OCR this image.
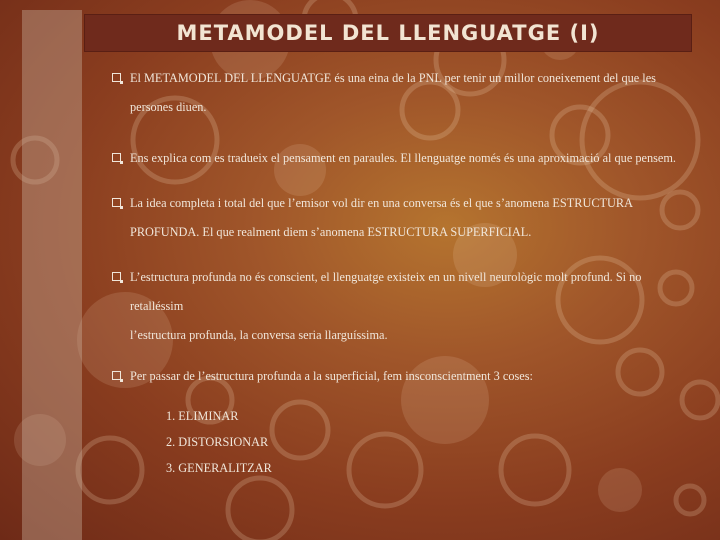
METAMODEL DEL LLENGUATGE (I)
El METAMODEL DEL LLENGUATGE és una eina de la PNL per tenir un millor coneixement del que les
persones diuen.
Ens explica com es tradueix el pensament en paraules. El llenguatge només és una aproximació al que pensem.
La idea completa i total del que l’emisor vol dir en una conversa és el que s’anomena ESTRUCTURA
PROFUNDA. El que realment diem s’anomena ESTRUCTURA SUPERFICIAL.
L’estructura profunda no és conscient, el llenguatge existeix en un nivell neurològic molt profund. Si no retalléssim
l’estructura profunda, la conversa seria llarguíssima.
Per passar de l’estructura profunda a la superficial, fem insconscientment 3 coses:
1. ELIMINAR
2. DISTORSIONAR
3. GENERALITZAR
